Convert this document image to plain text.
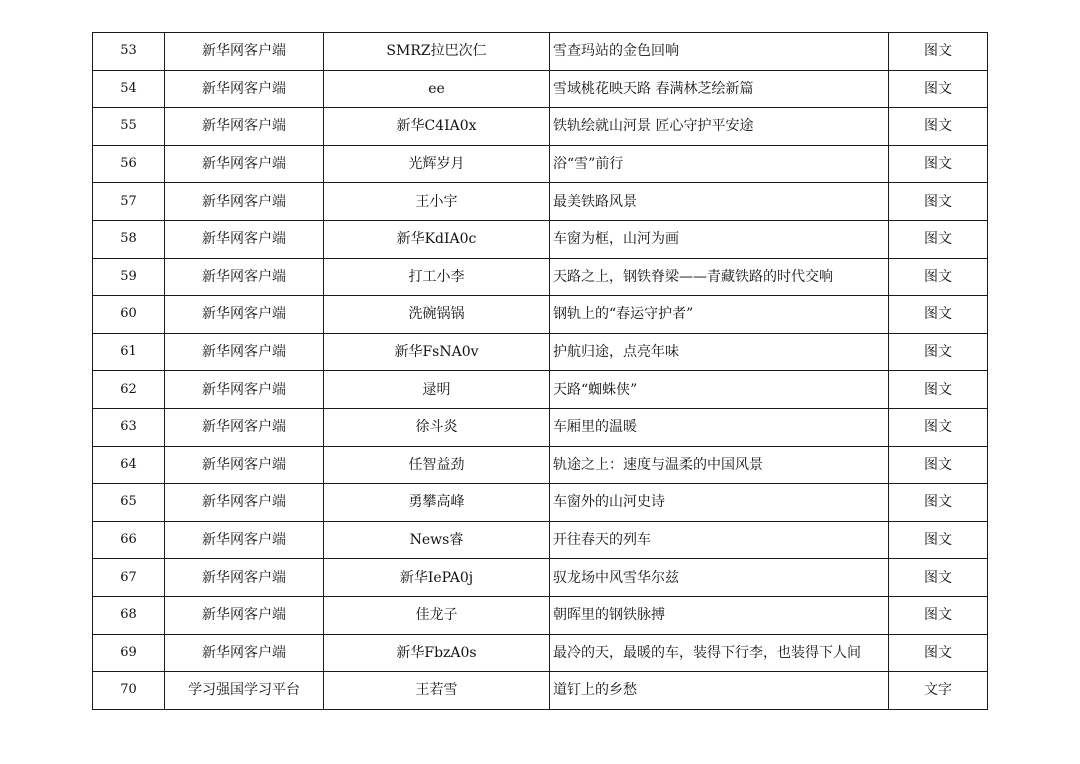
53	新华网客户端	SMRZ拉巴次仁	雪查玛站的金色回响	图文
54	新华网客户端	ee	雪域桃花映天路 春满林芝绘新篇	图文
55	新华网客户端	新华C4IA0x	铁轨绘就山河景 匠心守护平安途	图文
56	新华网客户端	光辉岁月	浴“雪”前行	图文
57	新华网客户端	王小宇	最美铁路风景	图文
58	新华网客户端	新华KdIA0c	车窗为框，山河为画	图文
59	新华网客户端	打工小李	天路之上，钢铁脊梁——青藏铁路的时代交响	图文
60	新华网客户端	洗碗锅锅	钢轨上的“春运守护者”	图文
61	新华网客户端	新华FsNA0v	护航归途，点亮年味	图文
62	新华网客户端	逯明	天路“蜘蛛侠”	图文
63	新华网客户端	徐斗炎	车厢里的温暖	图文
64	新华网客户端	任智益劲	轨途之上：速度与温柔的中国风景	图文
65	新华网客户端	勇攀高峰	车窗外的山河史诗	图文
66	新华网客户端	News睿	开往春天的列车	图文
67	新华网客户端	新华IePA0j	驭龙场中风雪华尔兹	图文
68	新华网客户端	佳龙子	朝晖里的钢铁脉搏	图文
69	新华网客户端	新华FbzA0s	最冷的天，最暖的车，装得下行李，也装得下人间	图文
70	学习强国学习平台	王若雪	道钉上的乡愁	文字
